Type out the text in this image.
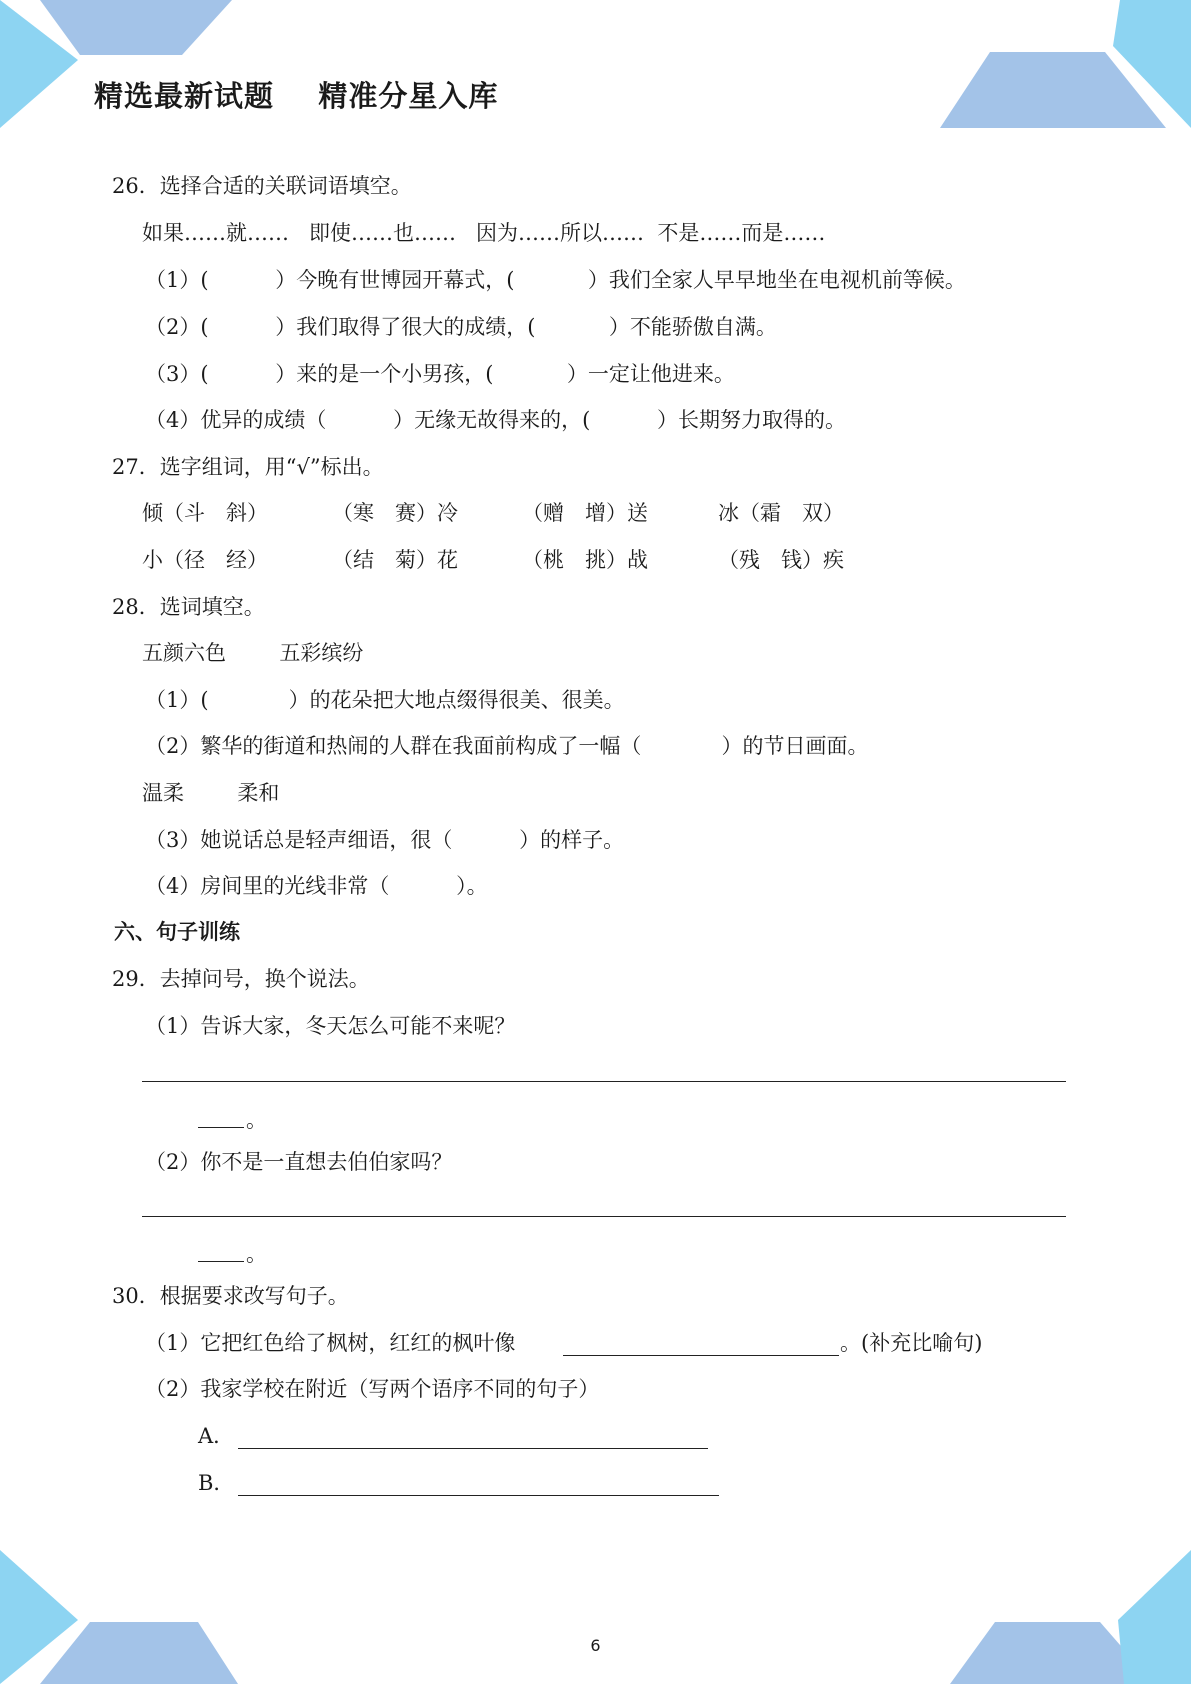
精选最新试题    精准分星入库
26．选择合适的关联词语填空。
如果……就……   即使……也……   因为……所以……  不是……而是……
（1）(          ）今晚有世博园开幕式，(           ）我们全家人早早地坐在电视机前等候。
（2）(          ）我们取得了很大的成绩，(           ）不能骄傲自满。
（3）(          ）来的是一个小男孩，(           ）一定让他进来。
（4）优异的成绩（          ）无缘无故得来的，(          ）长期努力取得的。
27．选字组词，用“√”标出。
倾（斗　斜）	（寒　赛）冷	（赠　增）送	冰（霜　双）
小（径　经）	（结　菊）花	（桃　挑）战	（残　钱）疾
28．选词填空。
五颜六色        五彩缤纷
（1）(            ）的花朵把大地点缀得很美、很美。
（2）繁华的街道和热闹的人群在我面前构成了一幅（            ）的节日画面。
温柔        柔和
（3）她说话总是轻声细语，很（          ）的样子。
（4）房间里的光线非常（          ）。
六、句子训练
29．去掉问号，换个说法。
（1）告诉大家，冬天怎么可能不来呢？
。
（2）你不是一直想去伯伯家吗？
。
30．根据要求改写句子。
（1）它把红色给了枫树，红红的枫叶像	。(补充比喻句)
（2）我家学校在附近（写两个语序不同的句子）
A．
B．
6
